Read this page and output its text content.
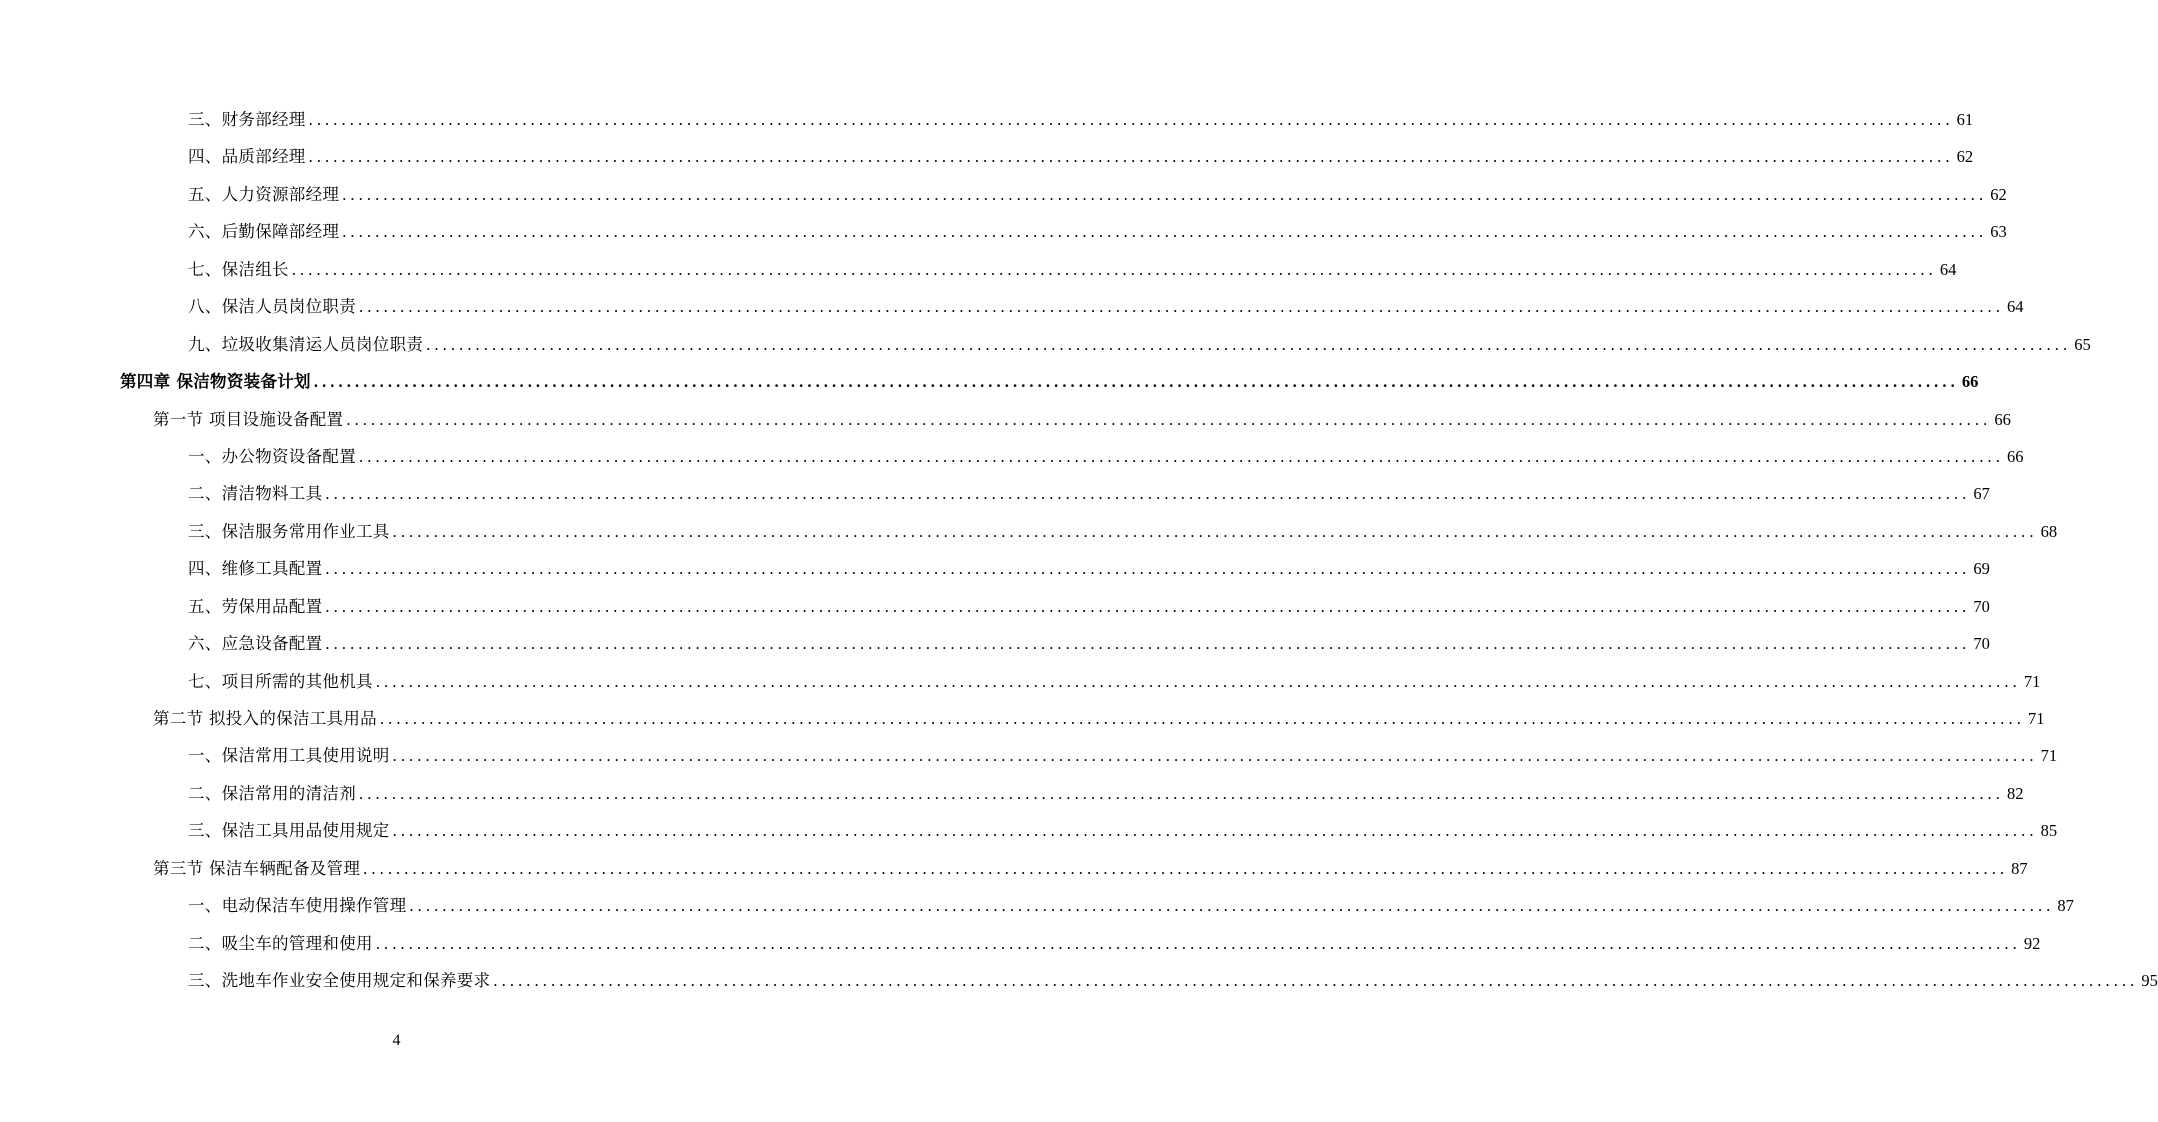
三、财务部经理 ........................................................................................................................................................................................................ 61
四、品质部经理 ........................................................................................................................................................................................................ 62
五、人力资源部经理 ........................................................................................................................................................................................................ 62
六、后勤保障部经理 ........................................................................................................................................................................................................ 63
七、保洁组长 ........................................................................................................................................................................................................ 64
八、保洁人员岗位职责 ........................................................................................................................................................................................................ 64
九、垃圾收集清运人员岗位职责 ........................................................................................................................................................................................................ 65
第四章 保洁物资装备计划 ........................................................................................................................................................................................................ 66
第一节 项目设施设备配置 ........................................................................................................................................................................................................ 66
一、办公物资设备配置 ........................................................................................................................................................................................................ 66
二、清洁物料工具 ........................................................................................................................................................................................................ 67
三、保洁服务常用作业工具 ........................................................................................................................................................................................................ 68
四、维修工具配置 ........................................................................................................................................................................................................ 69
五、劳保用品配置 ........................................................................................................................................................................................................ 70
六、应急设备配置 ........................................................................................................................................................................................................ 70
七、项目所需的其他机具 ........................................................................................................................................................................................................ 71
第二节 拟投入的保洁工具用品 ........................................................................................................................................................................................................ 71
一、保洁常用工具使用说明 ........................................................................................................................................................................................................ 71
二、保洁常用的清洁剂 ........................................................................................................................................................................................................ 82
三、保洁工具用品使用规定 ........................................................................................................................................................................................................ 85
第三节 保洁车辆配备及管理 ........................................................................................................................................................................................................ 87
一、电动保洁车使用操作管理 ........................................................................................................................................................................................................ 87
二、吸尘车的管理和使用 ........................................................................................................................................................................................................ 92
三、洗地车作业安全使用规定和保养要求 ........................................................................................................................................................................................................ 95
4
